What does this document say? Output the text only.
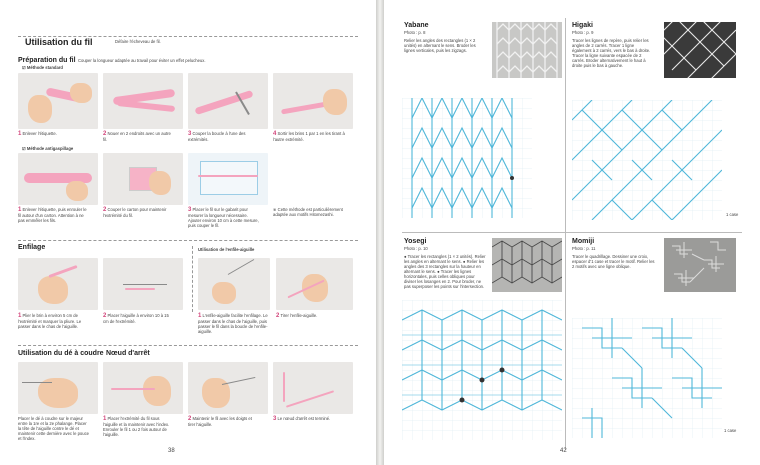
Utilisation du fil	Défaire l'écheveau de fil.
Préparation du fil Couper la longueur adaptée au travail pour éviter un effet pelucheux.
☑ Méthode standard
1 Enlever l'étiquette.	2 Nouer en 2 endroits avec un autre fil.
3 Couper la boucle à l'une des extrémités.
4 Sortir les brins 1 par 1 en les tirant à l'autre extrémité.
☑ Méthode antigaspillage
1 Enlever l'étiquette, puis enrouler le fil autour d'un carton. Attention à ne pas emmêler les fils.
2 Couper le carton pour maintenir l'extrémité du fil.
3 Placer le fil sur le gabarit pour mesurer la longueur nécessaire. Ajouter environ 10 cm à cette mesure, puis couper le fil.
※ Cette méthode est particulièrement adaptée aux motifs Hitomezashi.
Enfilage	Utilisation de l'enfile-aiguille
1 Plier le brin à environ 5 cm de l'extrémité et marquer la pliure. Le passer dans le chas de l'aiguille.
2 Placer l'aiguille à environ 10 à 15 cm de l'extrémité.
1 L'enfile-aiguille facilite l'enfilage. Le passer dans le chas de l'aiguille, puis passer le fil dans la boucle de l'enfile-aiguille.
2 Tirer l'enfile-aiguille.
Utilisation du dé à coudre Nœud d'arrêt
Placer le dé à coudre sur le majeur entre la 1re et la 2e phalange. Placer la tête de l'aiguille contre le dé et maintenir cette dernière avec le pouce et l'index.
1 Placer l'extrémité du fil sous l'aiguille et la maintenir avec l'index. Enrouler le fil 1 ou 2 fois autour de l'aiguille.
2 Maintenir le fil avec les doigts et tirer l'aiguille.
3 Le nœud d'arrêt est terminé.
38
Yabane
Photo : p. 8
Relier les angles des rectangles (1 × 2 unités) en alternant le sens. Broder les lignes verticales, puis les zigzags.
Higaki
Photo : p. 9
Tracer les lignes de repère, puis relier les angles de 2 carrés. Tracer 1 ligne également à 2 carrés, vers le bas à droite. Tracer la ligne suivante espacée de 2 carrés. Broder alternativement le haut à droite puis le bas à gauche.
1 case
Yosegi
Photo : p. 10
● Tracer les rectangles (1 × 2 unités). Relier les angles en alternant le sens. ● Relier les angles des 3 rectangles sur la hauteur en alternant le sens. ● Tracer les lignes horizontales, puis celles obliques pour diviser les losanges en 2. Pour broder, ne pas superposer les points sur l'intersection.
Momiji
Photo : p. 11
Tracer le quadrillage. Dessiner une croix, espacer d'1 case et tracer le motif. Relier les 2 motifs avec une ligne oblique.
1 case
42
